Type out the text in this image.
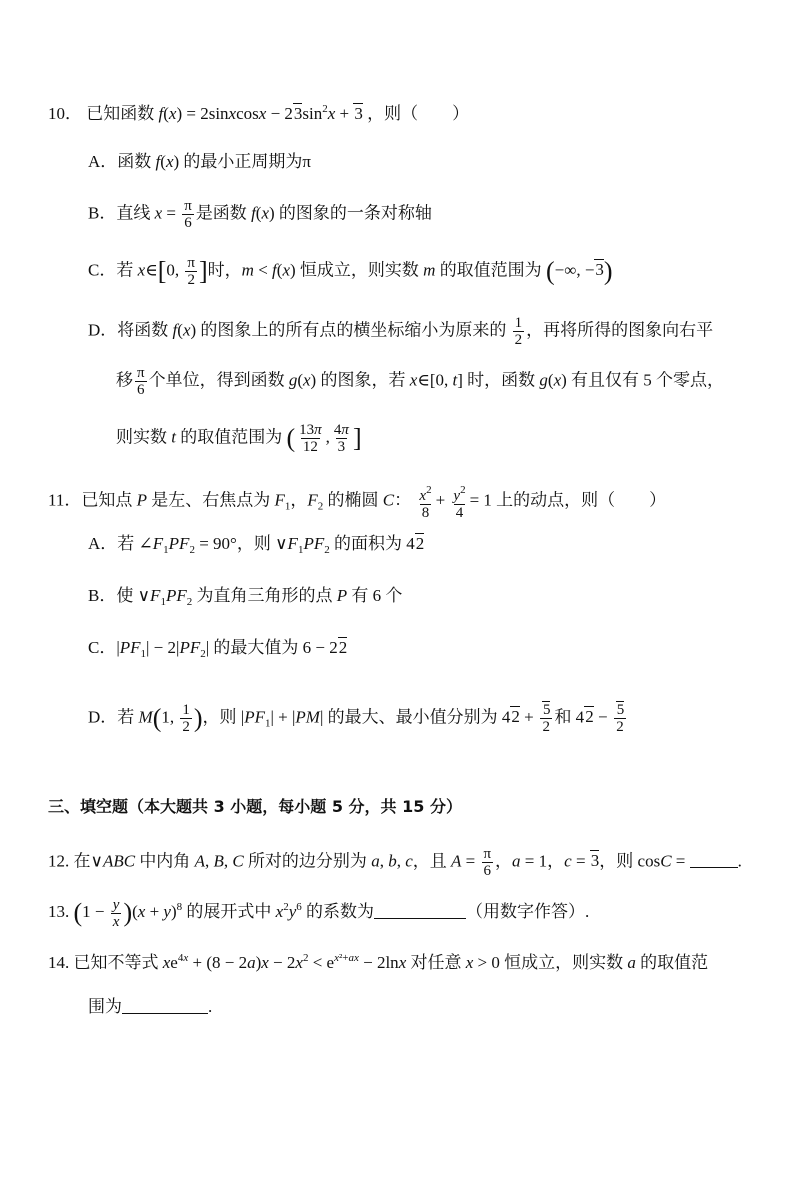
10． 已知函数 f(x) = 2sinxcosx − $23\sin^2x + 3$ ，则（　　）
A．函数 f(x) 的最小正周期为π
B．直线 $x = \frac{\pi}{6}$ 是函数 f(x) 的图象的一条对称轴
C．若 x∈[0, $\frac{\pi}{2}$ ]时，m < f(x) 恒成立，则实数 m 的取值范围为 (−∞, −3)
D．将函数 f(x) 的图象上的所有点的横坐标缩小为原来的 $\frac{1}{2}$ ，再将所得的图象向右平
移 $\frac{\pi}{6}$ 个单位，得到函数 g(x) 的图象，若 x∈[0, t] 时，函数 g(x) 有且仅有 5 个零点，
则实数 t 的取值范围为 ( $\frac{13\pi}{12}$ , $\frac{4\pi}{3}$ ]
11．已知点 P 是左、右焦点为 $F_1$，$F_2$ 的椭圆 C： $\frac{x^2}{8} + \frac{y^2}{4} = 1$ 上的动点，则（　　）
A．若 $\angle F_1PF_2 = 90^\circ$，则 $\vee F_1PF_2$ 的面积为 42
B．使 $\vee F_1PF_2$ 为直角三角形的点 P 有 6 个
C．$|PF_1| - 2|PF_2|$ 的最大值为 6 − 22
D．若 M(1, $\frac{1}{2}$ )，则 $|PF_1| + |PM|$ 的最大、最小值分别为 $42 + \frac{5}{2}$ 和 $42 - \frac{5}{2}$
三、填空题（本大题共 3 小题，每小题 5 分，共 15 分）
12. 在∨ABC 中内角 A, B, C 所对的边分别为 a, b, c，且 $A = \frac{\pi}{6}$ ，a = 1，c = 3，则 cosC =	.
13. $(1 - \frac{y}{x} )(x + y)^8$ 的展开式中 $x^2y^6$ 的系数为	（用数字作答）.
14. 已知不等式 $xe^{4x} + (8 - 2a)x - 2x^2 < e^{x^2+ax} - 2\ln x$ 对任意 x > 0 恒成立，则实数 a 的取值范
围为	.
